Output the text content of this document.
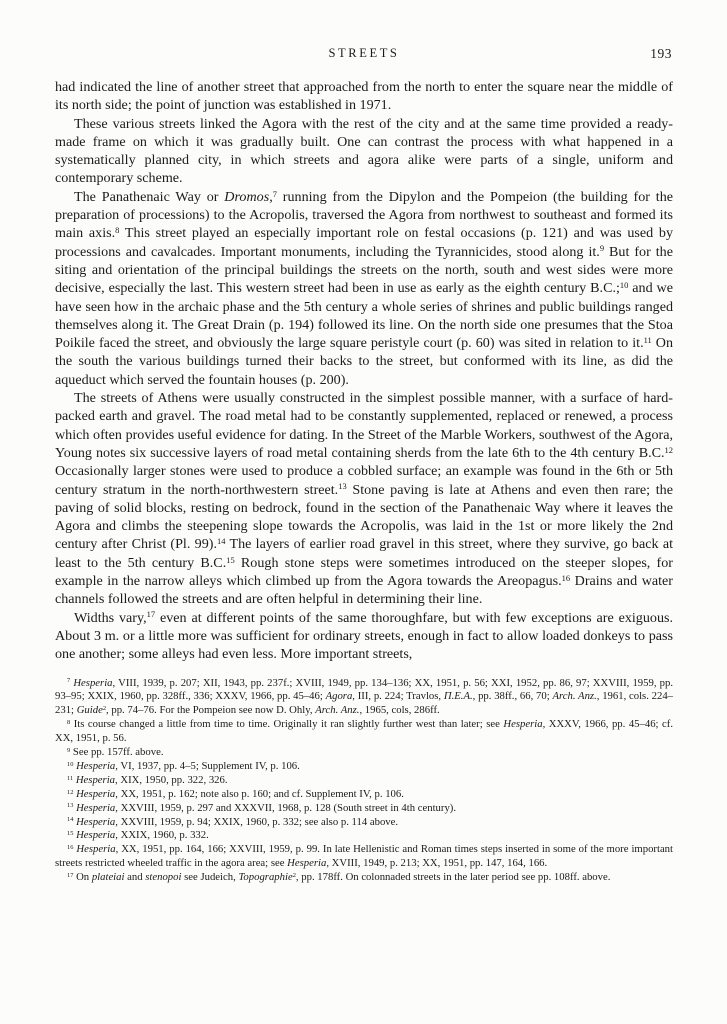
STREETS	193

had indicated the line of another street that approached from the north to enter the square near the middle of its north side; the point of junction was established in 1971.

These various streets linked the Agora with the rest of the city and at the same time provided a ready-made frame on which it was gradually built. One can contrast the process with what happened in a systematically planned city, in which streets and agora alike were parts of a single, uniform and contemporary scheme.

The Panathenaic Way or Dromos,$^7$ running from the Dipylon and the Pompeion (the building for the preparation of processions) to the Acropolis, traversed the Agora from northwest to southeast and formed its main axis.$^8$ This street played an especially important role on festal occasions (p. 121) and was used by processions and cavalcades. Important monuments, including the Tyrannicides, stood along it.$^9$ But for the siting and orientation of the principal buildings the streets on the north, south and west sides were more decisive, especially the last. This western street had been in use as early as the eighth century B.C.;$^{10}$ and we have seen how in the archaic phase and the 5th century a whole series of shrines and public buildings ranged themselves along it. The Great Drain (p. 194) followed its line. On the north side one presumes that the Stoa Poikile faced the street, and obviously the large square peristyle court (p. 60) was sited in relation to it.$^{11}$ On the south the various buildings turned their backs to the street, but conformed with its line, as did the aqueduct which served the fountain houses (p. 200).

The streets of Athens were usually constructed in the simplest possible manner, with a surface of hard-packed earth and gravel. The road metal had to be constantly supplemented, replaced or renewed, a process which often provides useful evidence for dating. In the Street of the Marble Workers, southwest of the Agora, Young notes six successive layers of road metal containing sherds from the late 6th to the 4th century B.C.$^{12}$ Occasionally larger stones were used to produce a cobbled surface; an example was found in the 6th or 5th century stratum in the north-northwestern street.$^{13}$ Stone paving is late at Athens and even then rare; the paving of solid blocks, resting on bedrock, found in the section of the Panathenaic Way where it leaves the Agora and climbs the steepening slope towards the Acropolis, was laid in the 1st or more likely the 2nd century after Christ (Pl. 99).$^{14}$ The layers of earlier road gravel in this street, where they survive, go back at least to the 5th century B.C.$^{15}$ Rough stone steps were sometimes introduced on the steeper slopes, for example in the narrow alleys which climbed up from the Agora towards the Areopagus.$^{16}$ Drains and water channels followed the streets and are often helpful in determining their line.

Widths vary,$^{17}$ even at different points of the same thoroughfare, but with few exceptions are exiguous. About 3 m. or a little more was sufficient for ordinary streets, enough in fact to allow loaded donkeys to pass one another; some alleys had even less. More important streets,

$^7$ Hesperia, VIII, 1939, p. 207; XII, 1943, pp. 237f.; XVIII, 1949, pp. 134–136; XX, 1951, p. 56; XXI, 1952, pp. 86, 97; XXVIII, 1959, pp. 93–95; XXIX, 1960, pp. 328ff., 336; XXXV, 1966, pp. 45–46; Agora, III, p. 224; Travlos, Π.Ε.Α., pp. 38ff., 66, 70; Arch. Anz., 1961, cols. 224–231; Guide$^2$, pp. 74–76. For the Pompeion see now D. Ohly, Arch. Anz., 1965, cols, 286ff.

$^8$ Its course changed a little from time to time. Originally it ran slightly further west than later; see Hesperia, XXXV, 1966, pp. 45–46; cf. XX, 1951, p. 56.

$^9$ See pp. 157ff. above.

$^{10}$ Hesperia, VI, 1937, pp. 4–5; Supplement IV, p. 106.

$^{11}$ Hesperia, XIX, 1950, pp. 322, 326.

$^{12}$ Hesperia, XX, 1951, p. 162; note also p. 160; and cf. Supplement IV, p. 106.

$^{13}$ Hesperia, XXVIII, 1959, p. 297 and XXXVII, 1968, p. 128 (South street in 4th century).

$^{14}$ Hesperia, XXVIII, 1959, p. 94; XXIX, 1960, p. 332; see also p. 114 above.

$^{15}$ Hesperia, XXIX, 1960, p. 332.

$^{16}$ Hesperia, XX, 1951, pp. 164, 166; XXVIII, 1959, p. 99. In late Hellenistic and Roman times steps inserted in some of the more important streets restricted wheeled traffic in the agora area; see Hesperia, XVIII, 1949, p. 213; XX, 1951, pp. 147, 164, 166.

$^{17}$ On plateiai and stenopoi see Judeich, Topographie$^2$, pp. 178ff. On colonnaded streets in the later period see pp. 108ff. above.
